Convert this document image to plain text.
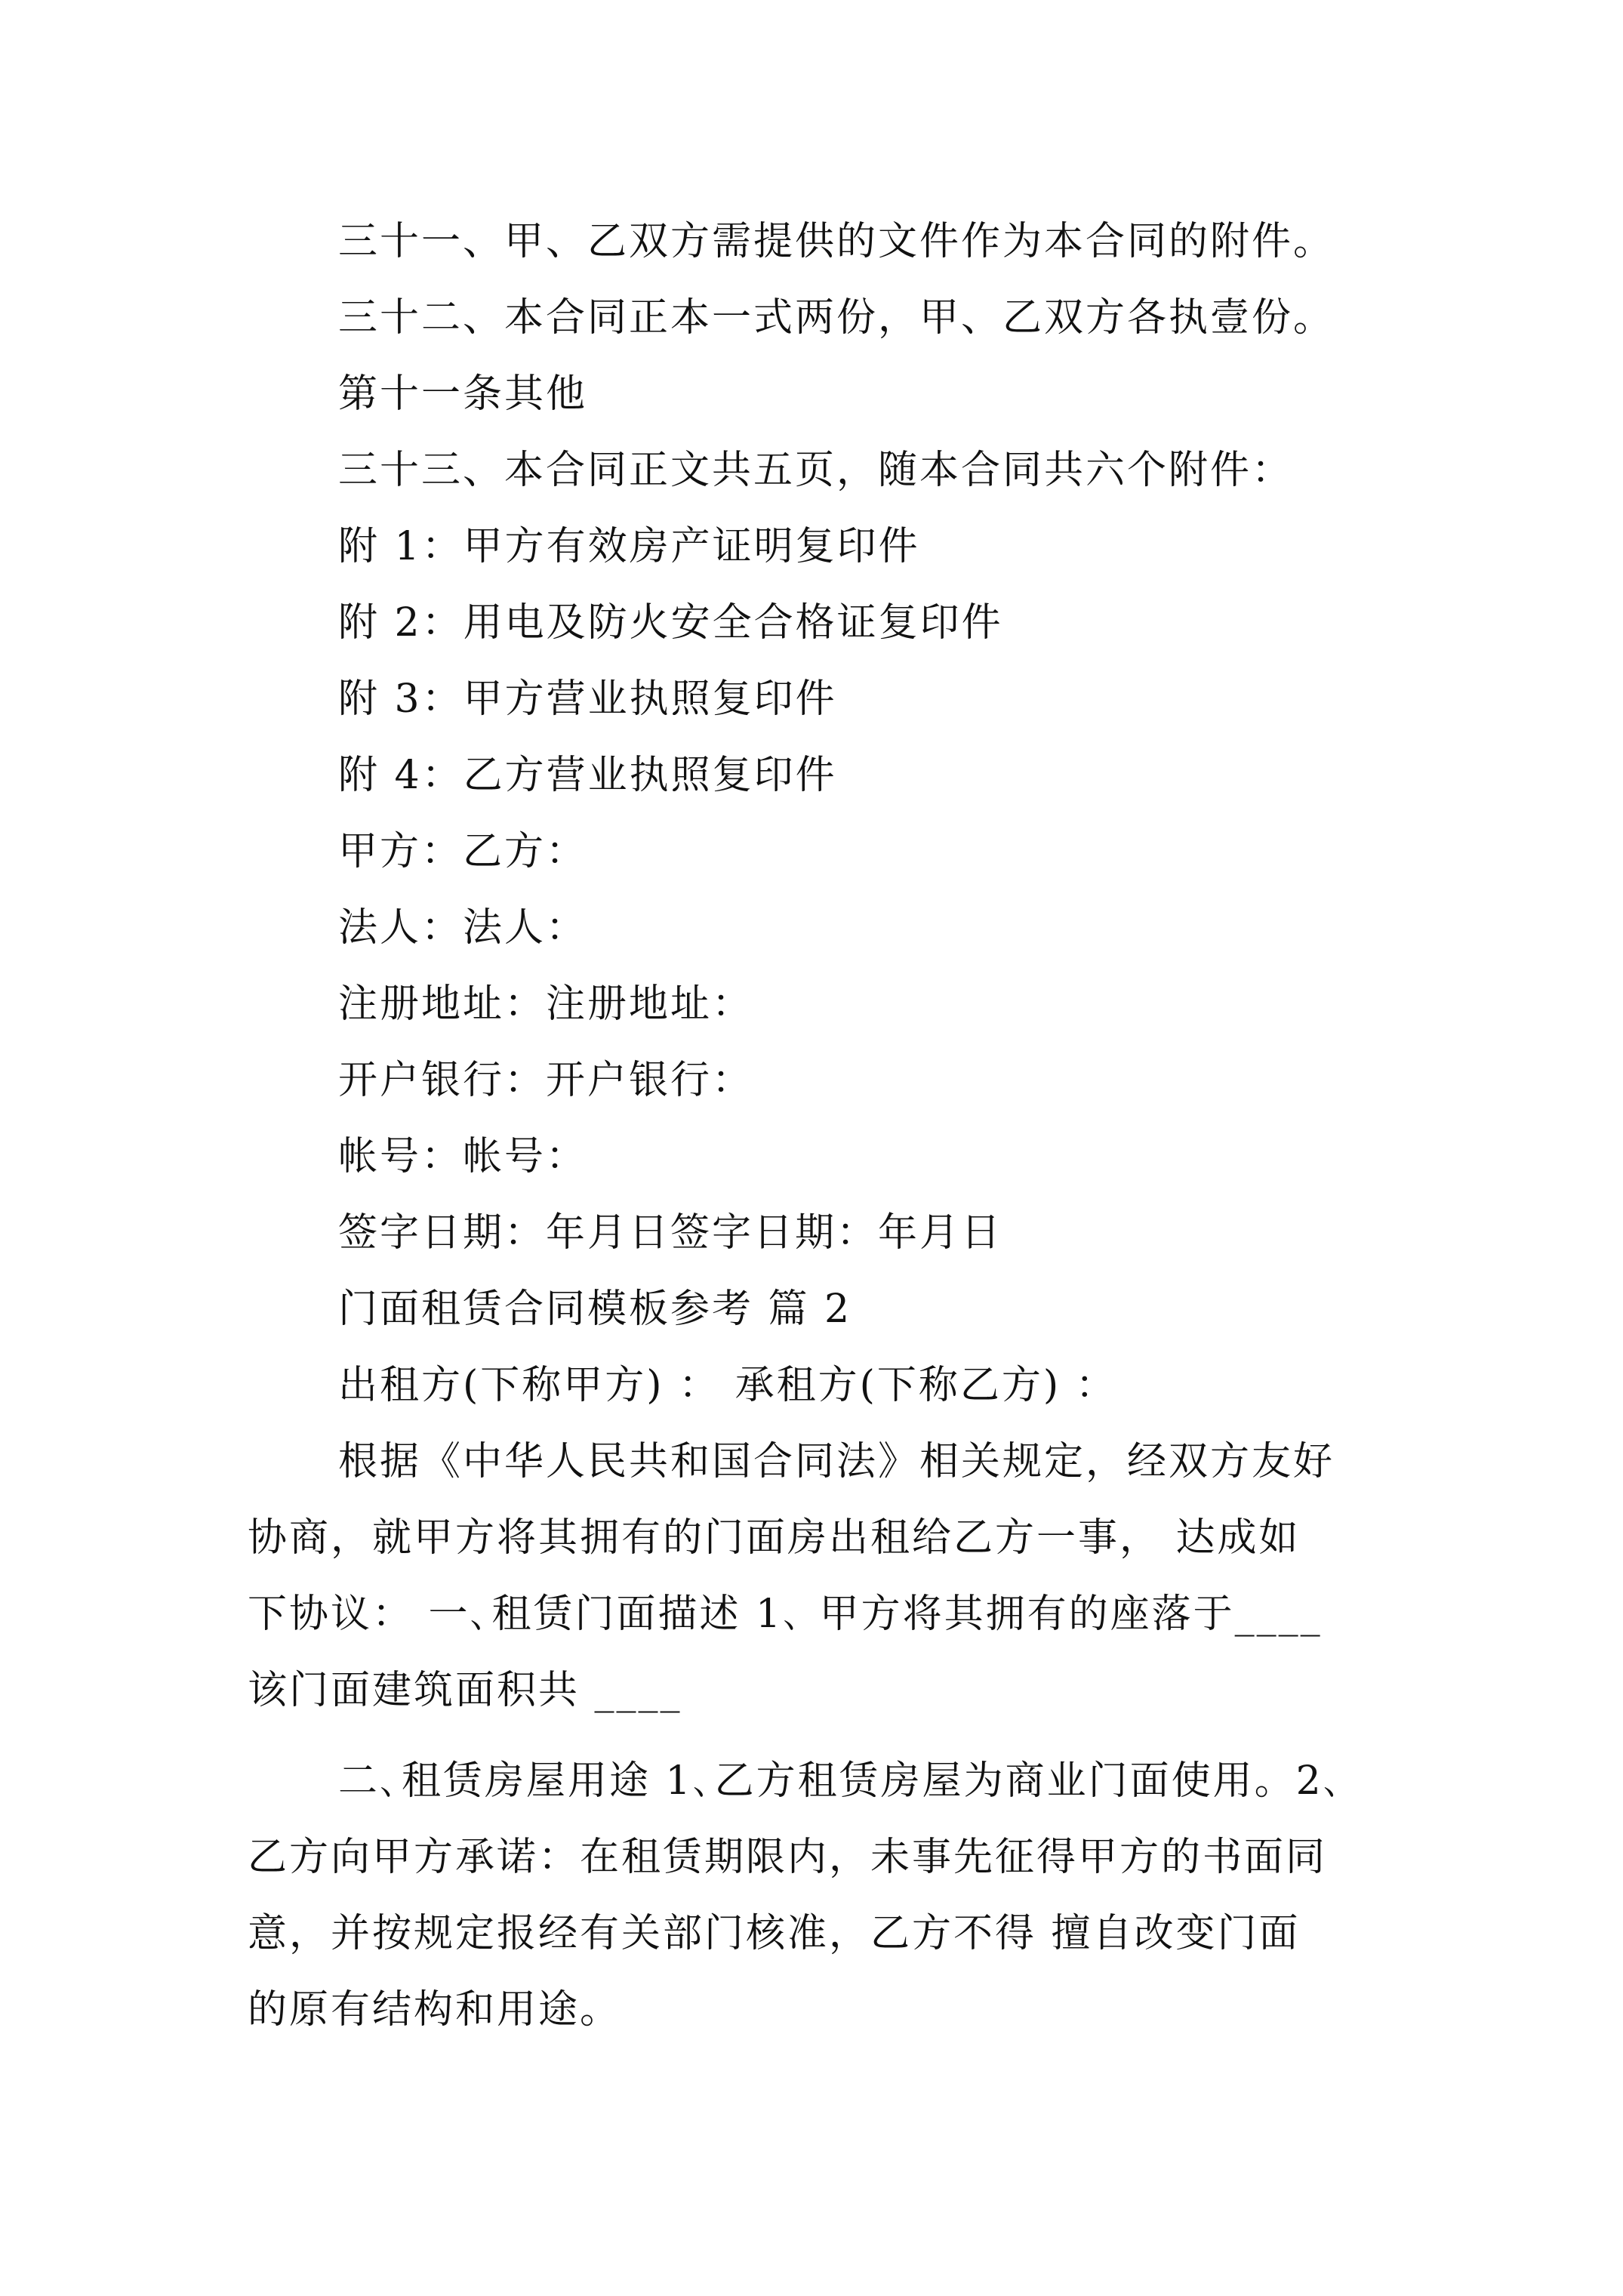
三十一、甲、乙双方需提供的文件作为本合同的附件。
三十二、本合同正本一式两份，甲、乙双方各执壹份。
第十一条其他
三十三、本合同正文共五页，随本合同共六个附件：
附 1：甲方有效房产证明复印件
附 2：用电及防火安全合格证复印件
附 3：甲方营业执照复印件
附 4：乙方营业执照复印件
甲方：乙方：
法人：法人：
注册地址：注册地址：
开户银行：开户银行：
帐号：帐号：
签字日期：年月日签字日期：年月日
门面租赁合同模板参考 篇 2
出租方(下称甲方) ： 承租方(下称乙方) ：
根据《中华人民共和国合同法》相关规定，经双方友好
协商，就甲方将其拥有的门面房出租给乙方一事， 达成如
下协议： 一､租赁门面描述 1､ 甲方将其拥有的座落于____
该门面建筑面积共 ____
二､租赁房屋用途 1､乙方租赁房屋为商业门面使用。2､
乙方向甲方承诺：在租赁期限内，未事先征得甲方的书面同
意，并按规定报经有关部门核准，乙方不得 擅自改变门面
的原有结构和用途。
